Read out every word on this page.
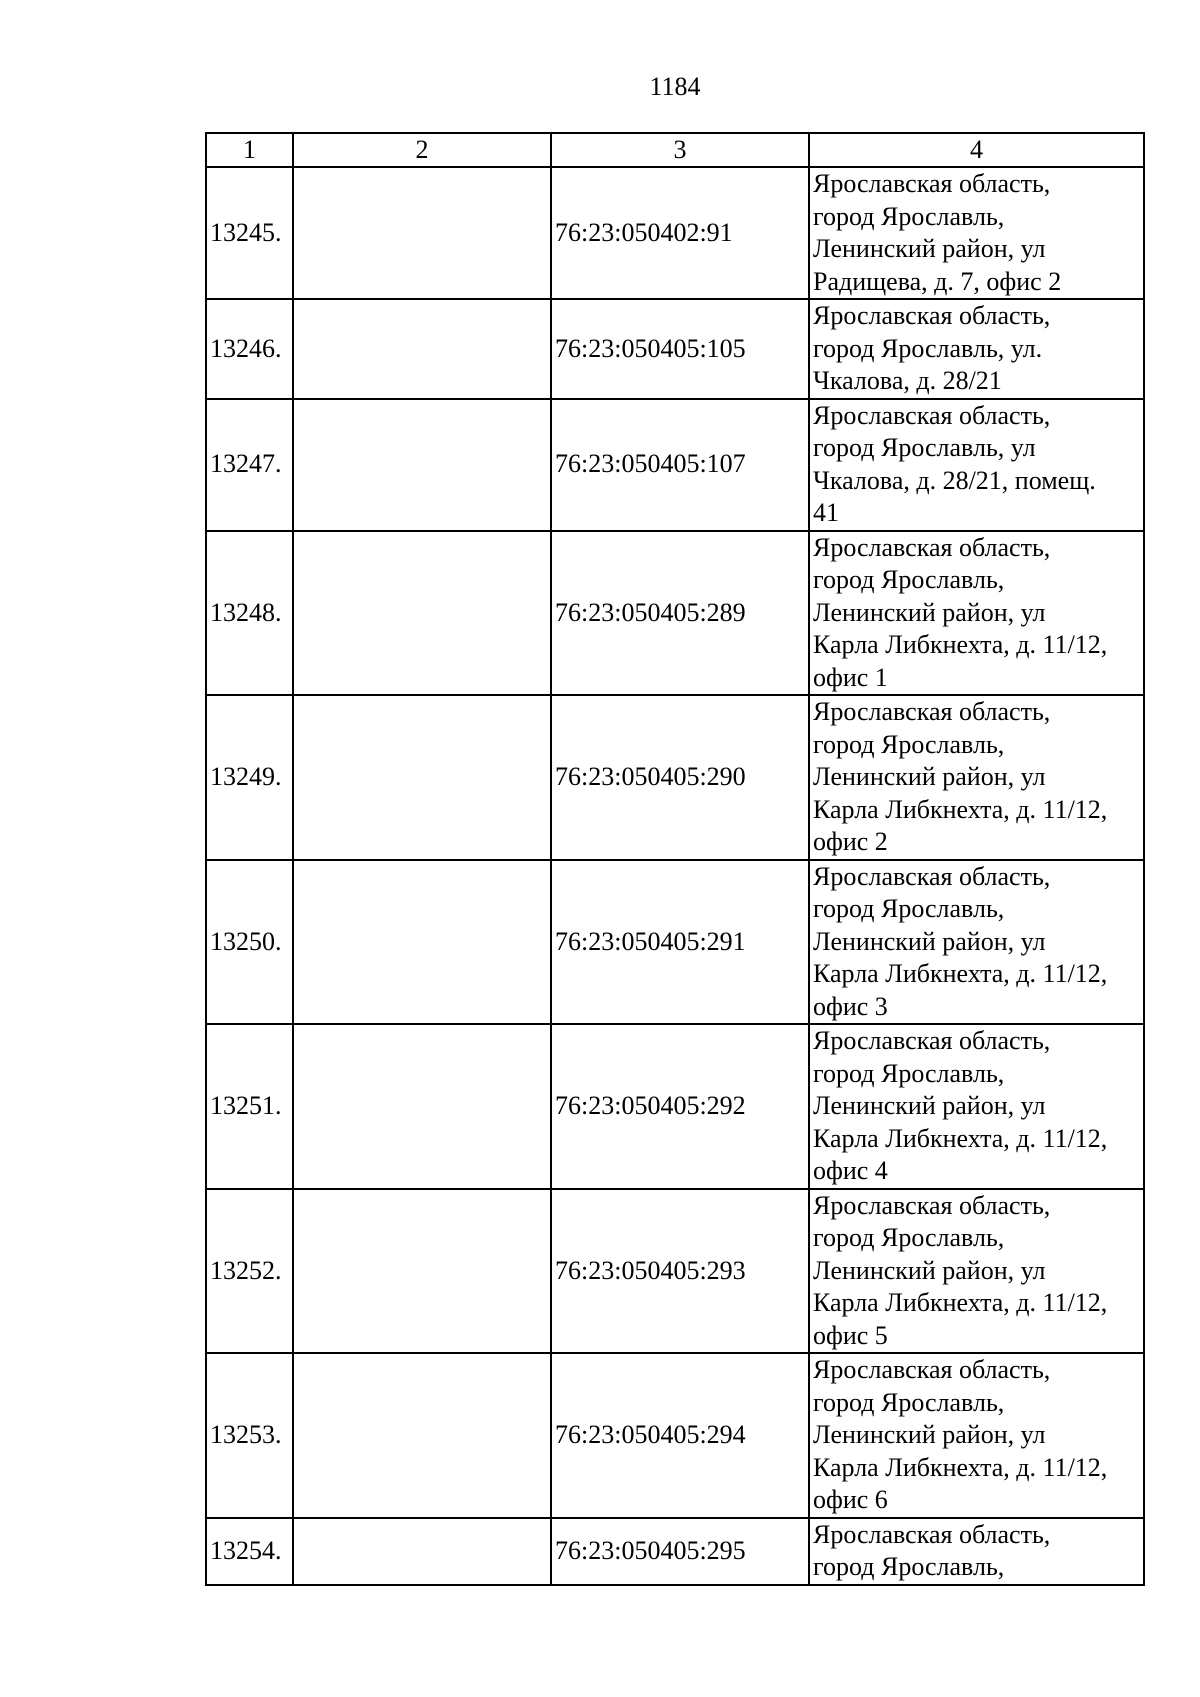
1184
1	2	3	4
13245.		76:23:050402:91	Ярославская область,
город Ярославль,
Ленинский район, ул
Радищева, д. 7, офис 2

13246.		76:23:050405:105	Ярославская область,
город Ярославль, ул.
Чкалова, д. 28/21

13247.		76:23:050405:107	Ярославская область,
город Ярославль, ул
Чкалова, д. 28/21, помещ.
41

13248.		76:23:050405:289	Ярославская область,
город Ярославль,
Ленинский район, ул
Карла Либкнехта, д. 11/12,
офис 1

13249.		76:23:050405:290	Ярославская область,
город Ярославль,
Ленинский район, ул
Карла Либкнехта, д. 11/12,
офис 2

13250.		76:23:050405:291	Ярославская область,
город Ярославль,
Ленинский район, ул
Карла Либкнехта, д. 11/12,
офис 3

13251.		76:23:050405:292	Ярославская область,
город Ярославль,
Ленинский район, ул
Карла Либкнехта, д. 11/12,
офис 4

13252.		76:23:050405:293	Ярославская область,
город Ярославль,
Ленинский район, ул
Карла Либкнехта, д. 11/12,
офис 5

13253.		76:23:050405:294	Ярославская область,
город Ярославль,
Ленинский район, ул
Карла Либкнехта, д. 11/12,
офис 6

13254.		76:23:050405:295	Ярославская область,
город Ярославль,
